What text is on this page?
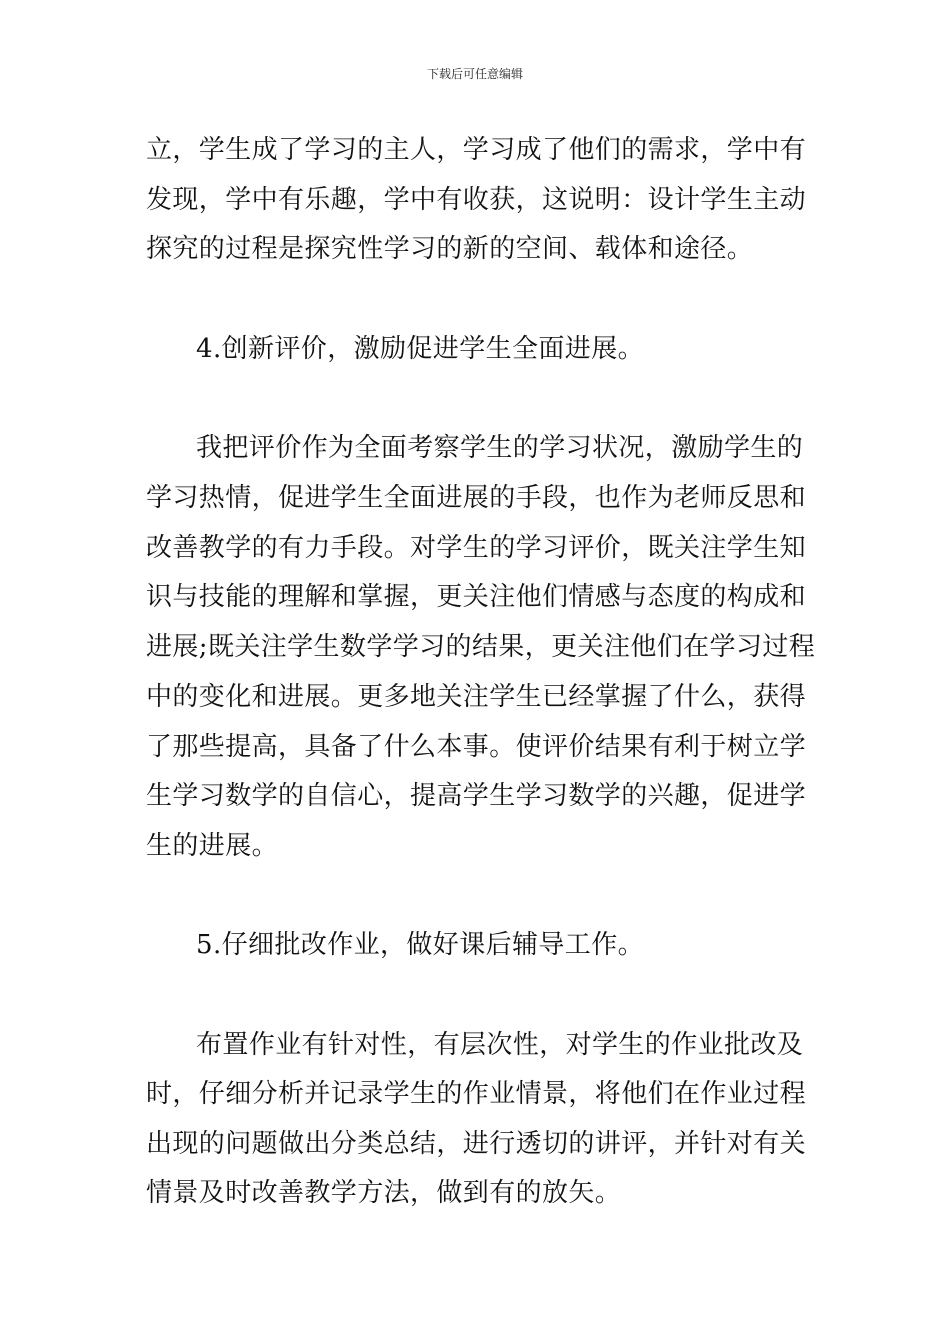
下载后可任意编辑
立，学生成了学习的主人，学习成了他们的需求，学中有
发现，学中有乐趣，学中有收获，这说明：设计学生主动
探究的过程是探究性学习的新的空间、载体和途径。
4.创新评价，激励促进学生全面进展。
我把评价作为全面考察学生的学习状况，激励学生的
学习热情，促进学生全面进展的手段，也作为老师反思和
改善教学的有力手段。对学生的学习评价，既关注学生知
识与技能的理解和掌握，更关注他们情感与态度的构成和
进展;既关注学生数学学习的结果，更关注他们在学习过程
中的变化和进展。更多地关注学生已经掌握了什么，获得
了那些提高，具备了什么本事。使评价结果有利于树立学
生学习数学的自信心，提高学生学习数学的兴趣，促进学
生的进展。
5.仔细批改作业，做好课后辅导工作。
布置作业有针对性，有层次性，对学生的作业批改及
时，仔细分析并记录学生的作业情景，将他们在作业过程
出现的问题做出分类总结，进行透切的讲评，并针对有关
情景及时改善教学方法，做到有的放矢。
